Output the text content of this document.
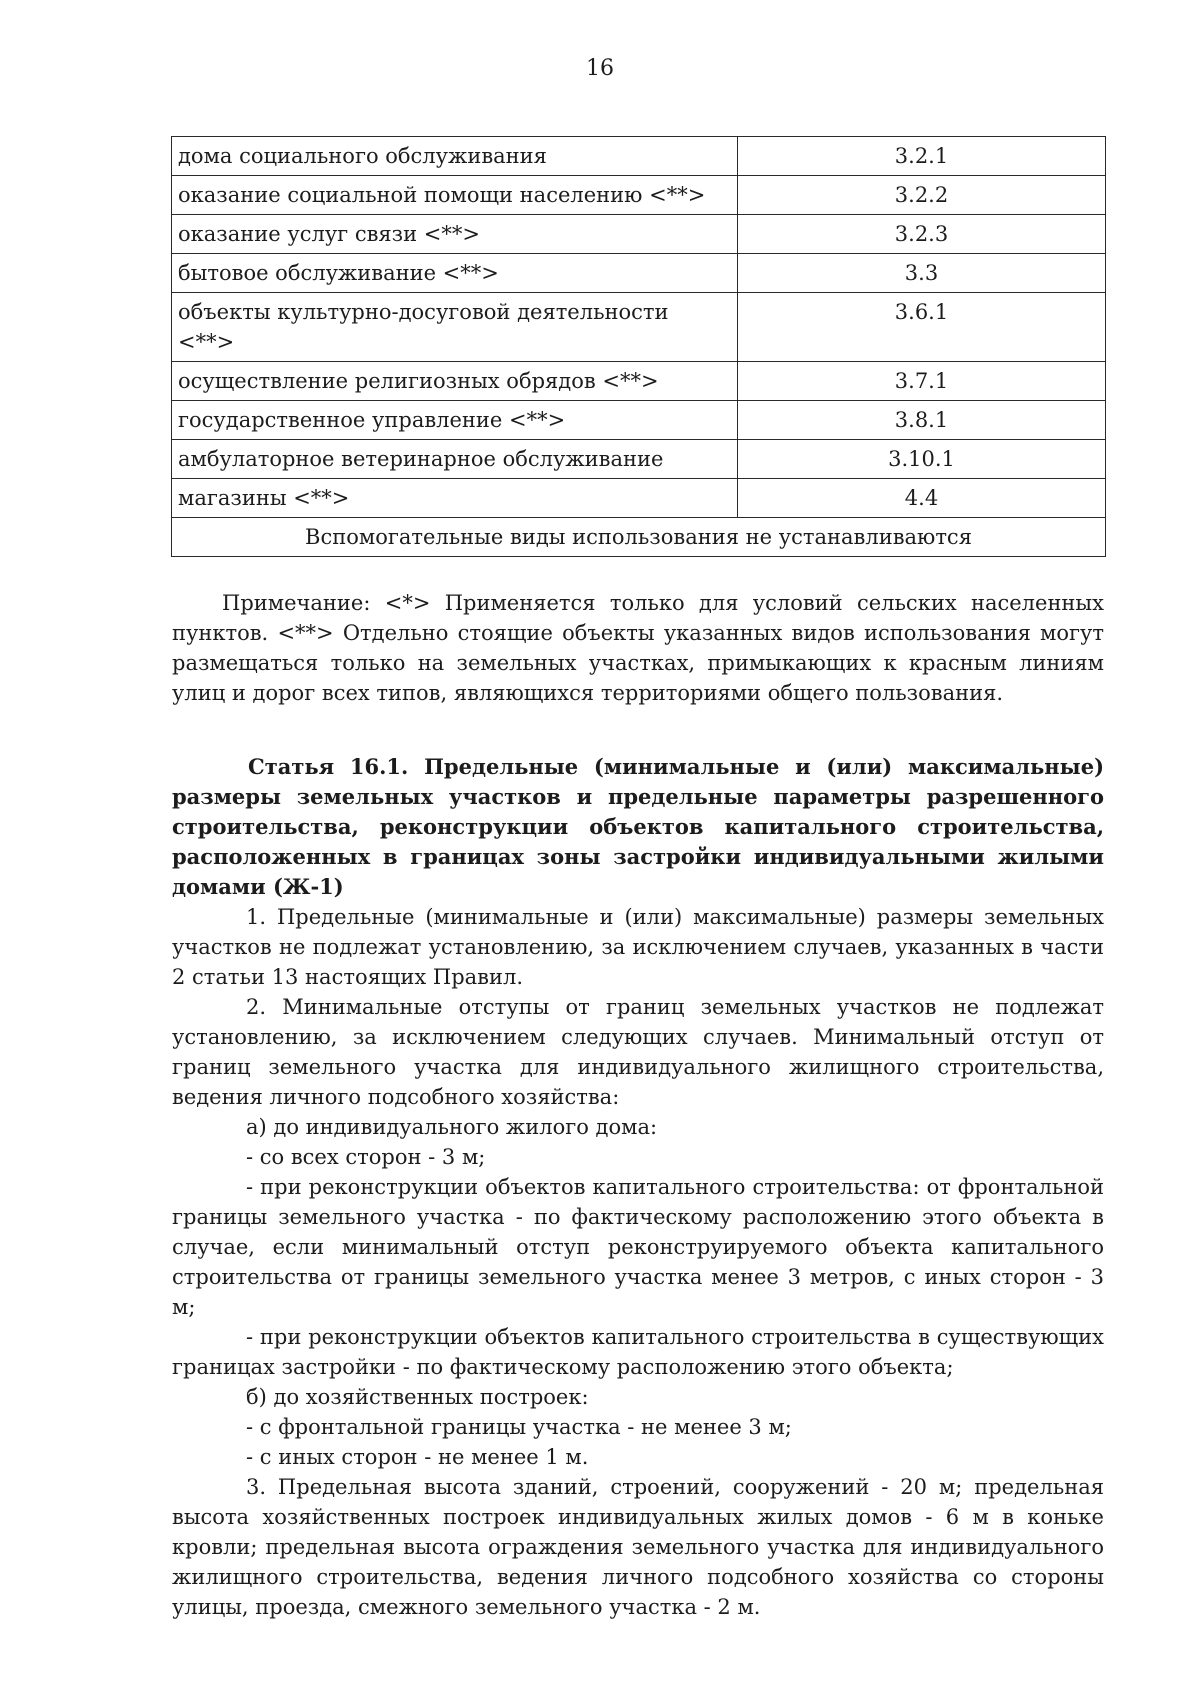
16
дома социального обслуживания	3.2.1
оказание социальной помощи населению <**>	3.2.2
оказание услуг связи <**>	3.2.3
бытовое обслуживание <**>	3.3
объекты культурно-досуговой деятельности <**>	3.6.1
осуществление религиозных обрядов <**>	3.7.1
государственное управление <**>	3.8.1
амбулаторное ветеринарное обслуживание	3.10.1
магазины <**>	4.4
Вспомогательные виды использования не устанавливаются	

Примечание: <*> Применяется только для условий сельских населенных пунктов. <**> Отдельно стоящие объекты указанных видов использования могут размещаться только на земельных участках, примыкающих к красным линиям улиц и дорог всех типов, являющихся территориями общего пользования.

Статья 16.1. Предельные (минимальные и (или) максимальные) размеры земельных участков и предельные параметры разрешенного строительства, реконструкции объектов капитального строительства, расположенных в границах зоны застройки индивидуальными жилыми домами (Ж-1)

1. Предельные (минимальные и (или) максимальные) размеры земельных участков не подлежат установлению, за исключением случаев, указанных в части 2 статьи 13 настоящих Правил.

2. Минимальные отступы от границ земельных участков не подлежат установлению, за исключением следующих случаев. Минимальный отступ от границ земельного участка для индивидуального жилищного строительства, ведения личного подсобного хозяйства:

а) до индивидуального жилого дома:

- со всех сторон - 3 м;

- при реконструкции объектов капитального строительства: от фронтальной границы земельного участка - по фактическому расположению этого объекта в случае, если минимальный отступ реконструируемого объекта капитального строительства от границы земельного участка менее 3 метров, с иных сторон - 3 м;

- при реконструкции объектов капитального строительства в существующих границах застройки - по фактическому расположению этого объекта;

б) до хозяйственных построек:

- с фронтальной границы участка - не менее 3 м;

- с иных сторон - не менее 1 м.

3. Предельная высота зданий, строений, сооружений - 20 м; предельная высота хозяйственных построек индивидуальных жилых домов - 6 м в коньке кровли; предельная высота ограждения земельного участка для индивидуального жилищного строительства, ведения личного подсобного хозяйства со стороны улицы, проезда, смежного земельного участка - 2 м.
